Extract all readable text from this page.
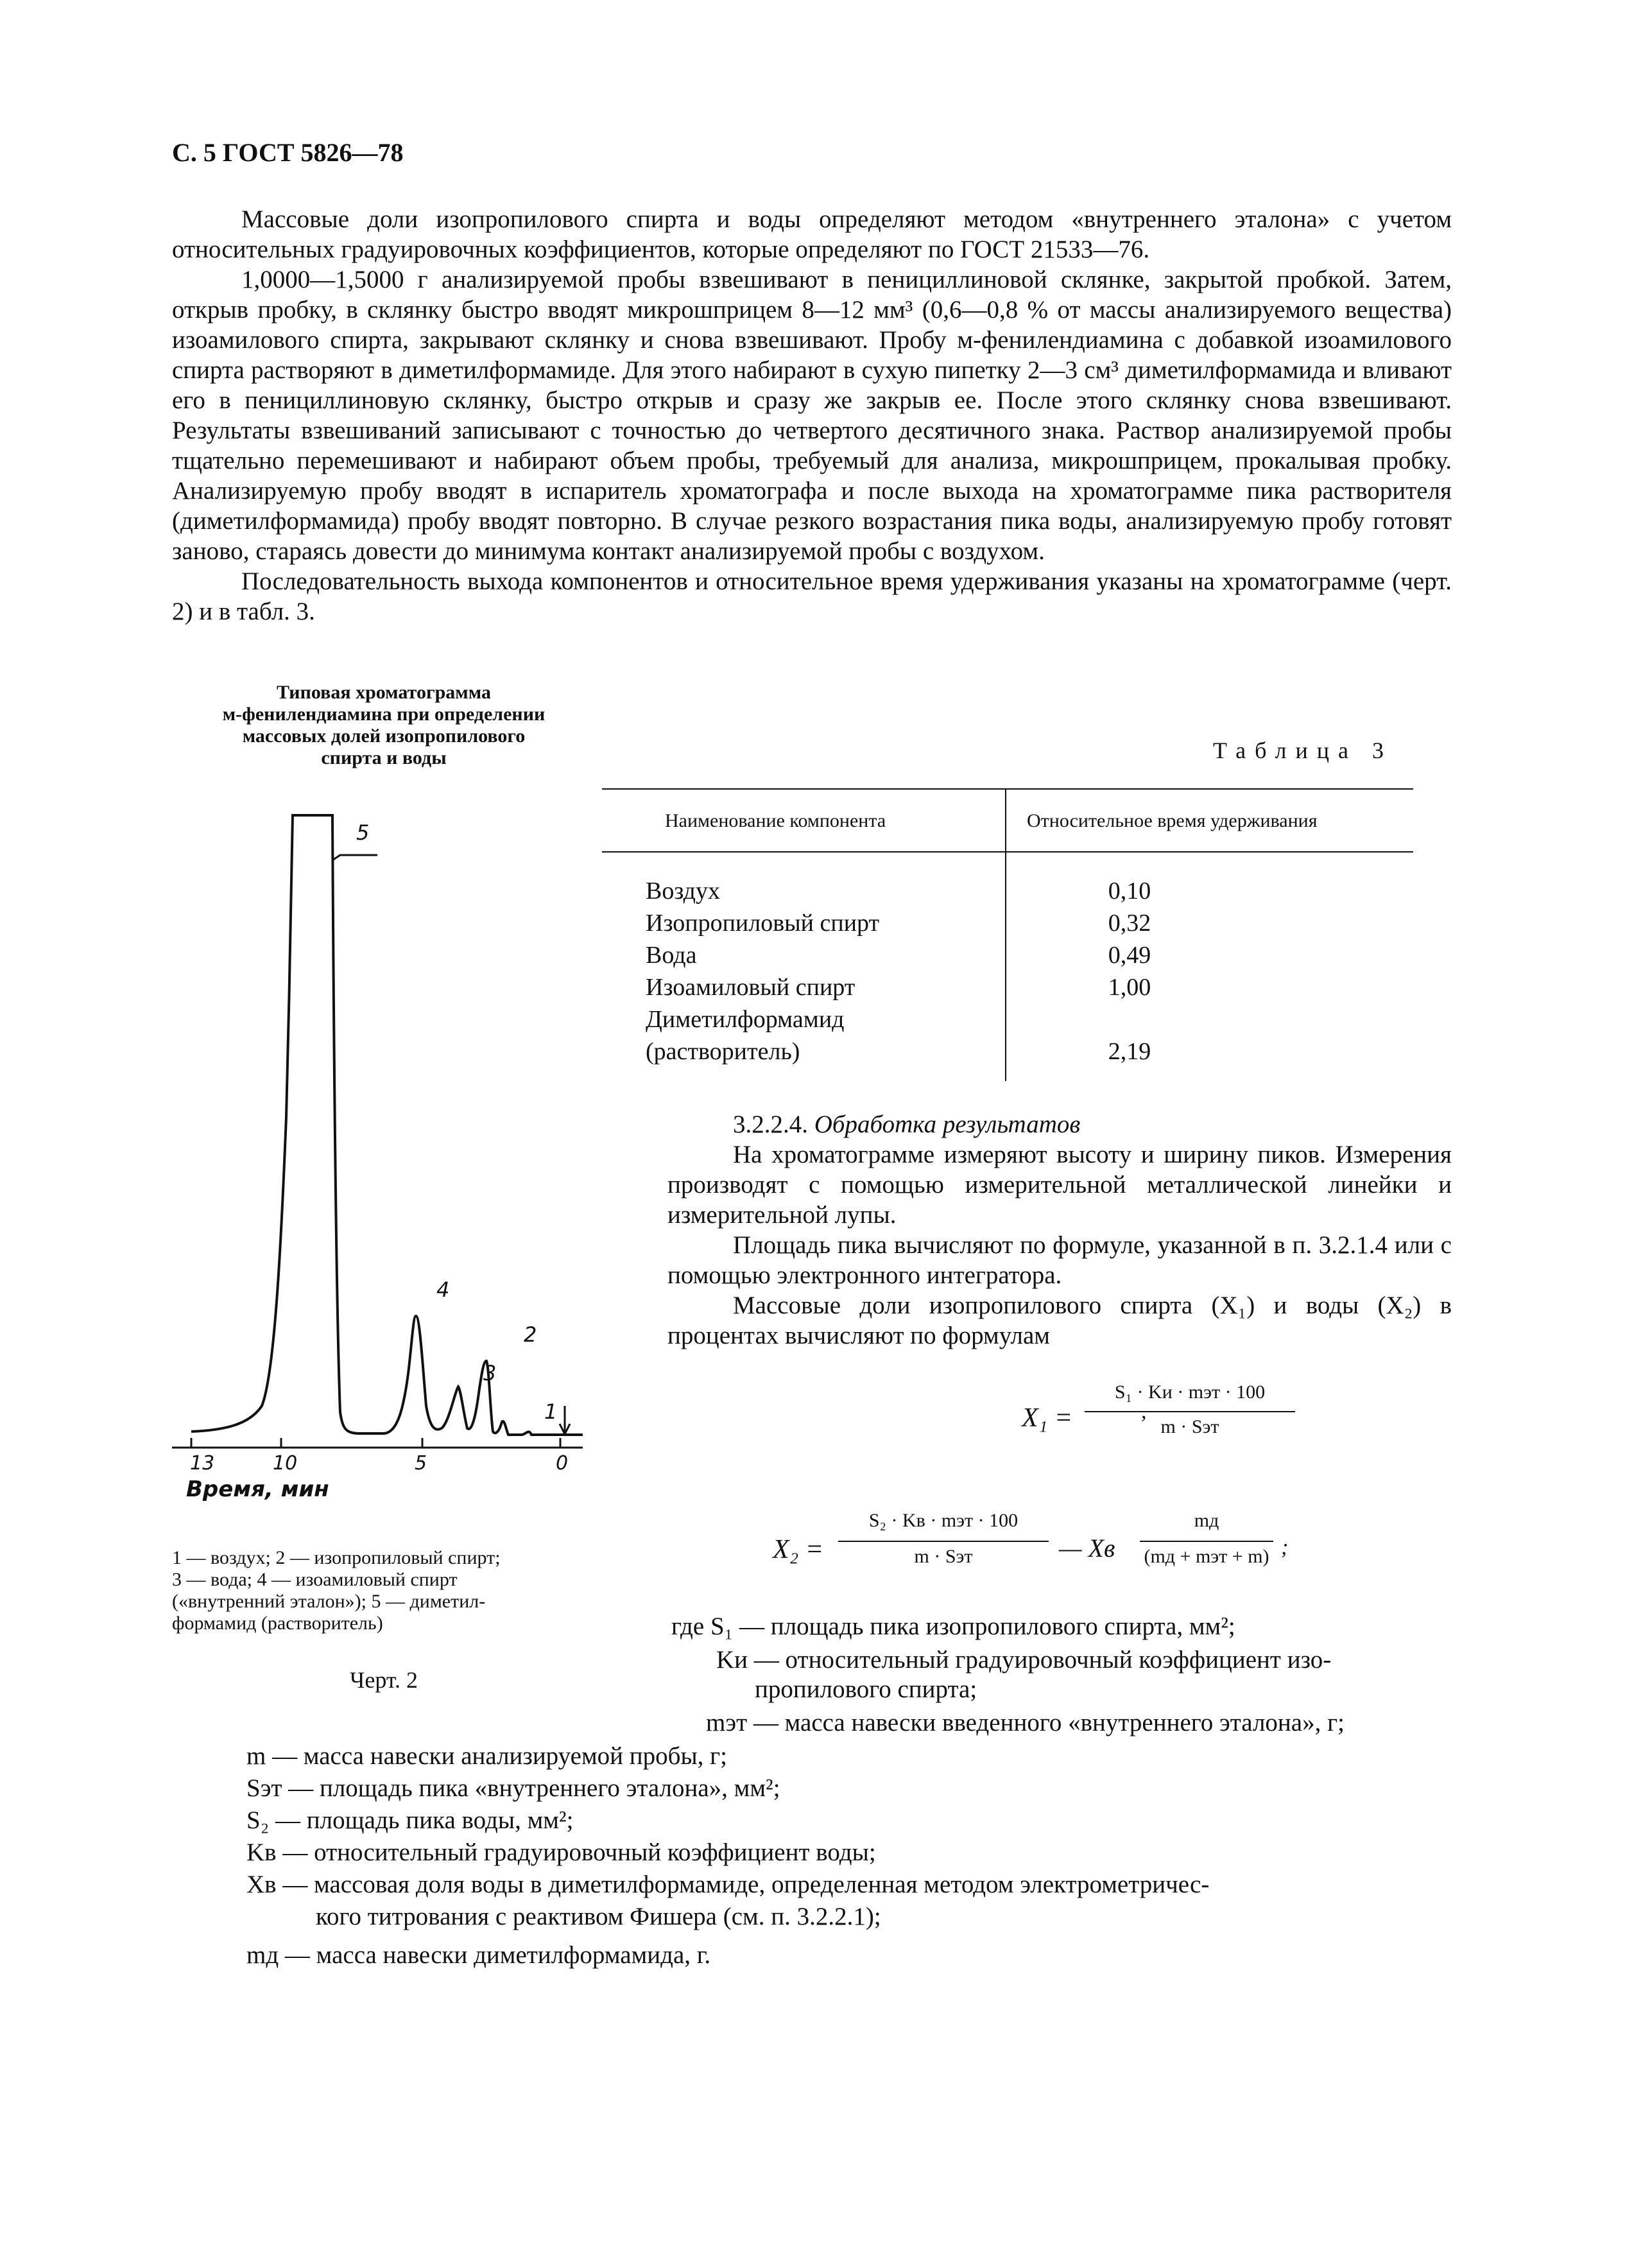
С. 5 ГОСТ 5826—78

Массовые доли изопропилового спирта и воды определяют методом «внутреннего эталона» с учетом относительных градуировочных коэффициентов, которые определяют по ГОСТ 21533—76.

1,0000—1,5000 г анализируемой пробы взвешивают в пенициллиновой склянке, закрытой пробкой. Затем, открыв пробку, в склянку быстро вводят микрошприцем 8—12 мм³ (0,6—0,8 % от массы анализируемого вещества) изоамилового спирта, закрывают склянку и снова взвешивают. Пробу м-фенилендиамина с добавкой изоамилового спирта растворяют в диметилформамиде. Для этого набирают в сухую пипетку 2—3 см³ диметилформамида и вливают его в пенициллиновую склянку, быстро открыв и сразу же закрыв ее. После этого склянку снова взвешивают. Результаты взвешиваний записывают с точностью до четвертого десятичного знака. Раствор анализируемой пробы тщательно перемешивают и набирают объем пробы, требуемый для анализа, микрошприцем, прокалывая пробку. Анализируемую пробу вводят в испаритель хроматографа и после выхода на хроматограмме пика растворителя (диметилформамида) пробу вводят повторно. В случае резкого возрастания пика воды, анализируемую пробу готовят заново, стараясь довести до минимума контакт анализируемой пробы с воздухом.

Последовательность выхода компонентов и относительное время удерживания указаны на хроматограмме (черт. 2) и в табл. 3.

Типовая хроматограмма
м-фенилендиамина при определении
массовых долей изопропилового
спирта и воды
5
4
3
2
1
13	10	5	0
Время, мин
1 — воздух; 2 — изопропиловый спирт;
3 — вода; 4 — изоамиловый спирт
(«внутренний эталон»); 5 — диметил-
формамид (растворитель)
Черт. 2
Таблица 3
Наименование компонента	Относительное время удерживания
Воздух	0,10
Изопропиловый спирт	0,32
Вода	0,49
Изоамиловый спирт	1,00
Диметилформамид
(растворитель)	2,19

3.2.2.4. Обработка результатов

На хроматограмме измеряют высоту и ширину пиков. Измерения производят с помощью измерительной металлической линейки и измерительной лупы.

Площадь пика вычисляют по формуле, указанной в п. 3.2.1.4 или с помощью электронного интегратора.

Массовые доли изопропилового спирта (X₁) и воды (X₂) в процентах вычисляют по формулам

X₁ =
S₁ · Kи · mэт · 100
m · Sэт
,
X₂ =
S₂ · Kв · mэт · 100
m · Sэт	— Xв
mд
(mд + mэт + m) ;
где S₁ — площадь пика изопропилового спирта, мм²;
Kи — относительный градуировочный коэффициент изо-
пропилового спирта;
mэт — масса навески введенного «внутреннего эталона», г;
m — масса навески анализируемой пробы, г;
Sэт — площадь пика «внутреннего эталона», мм²;
S₂ — площадь пика воды, мм²;
Kв — относительный градуировочный коэффициент воды;
Xв — массовая доля воды в диметилформамиде, определенная методом электрометричес-
кого титрования с реактивом Фишера (см. п. 3.2.2.1);
mд — масса навески диметилформамида, г.
